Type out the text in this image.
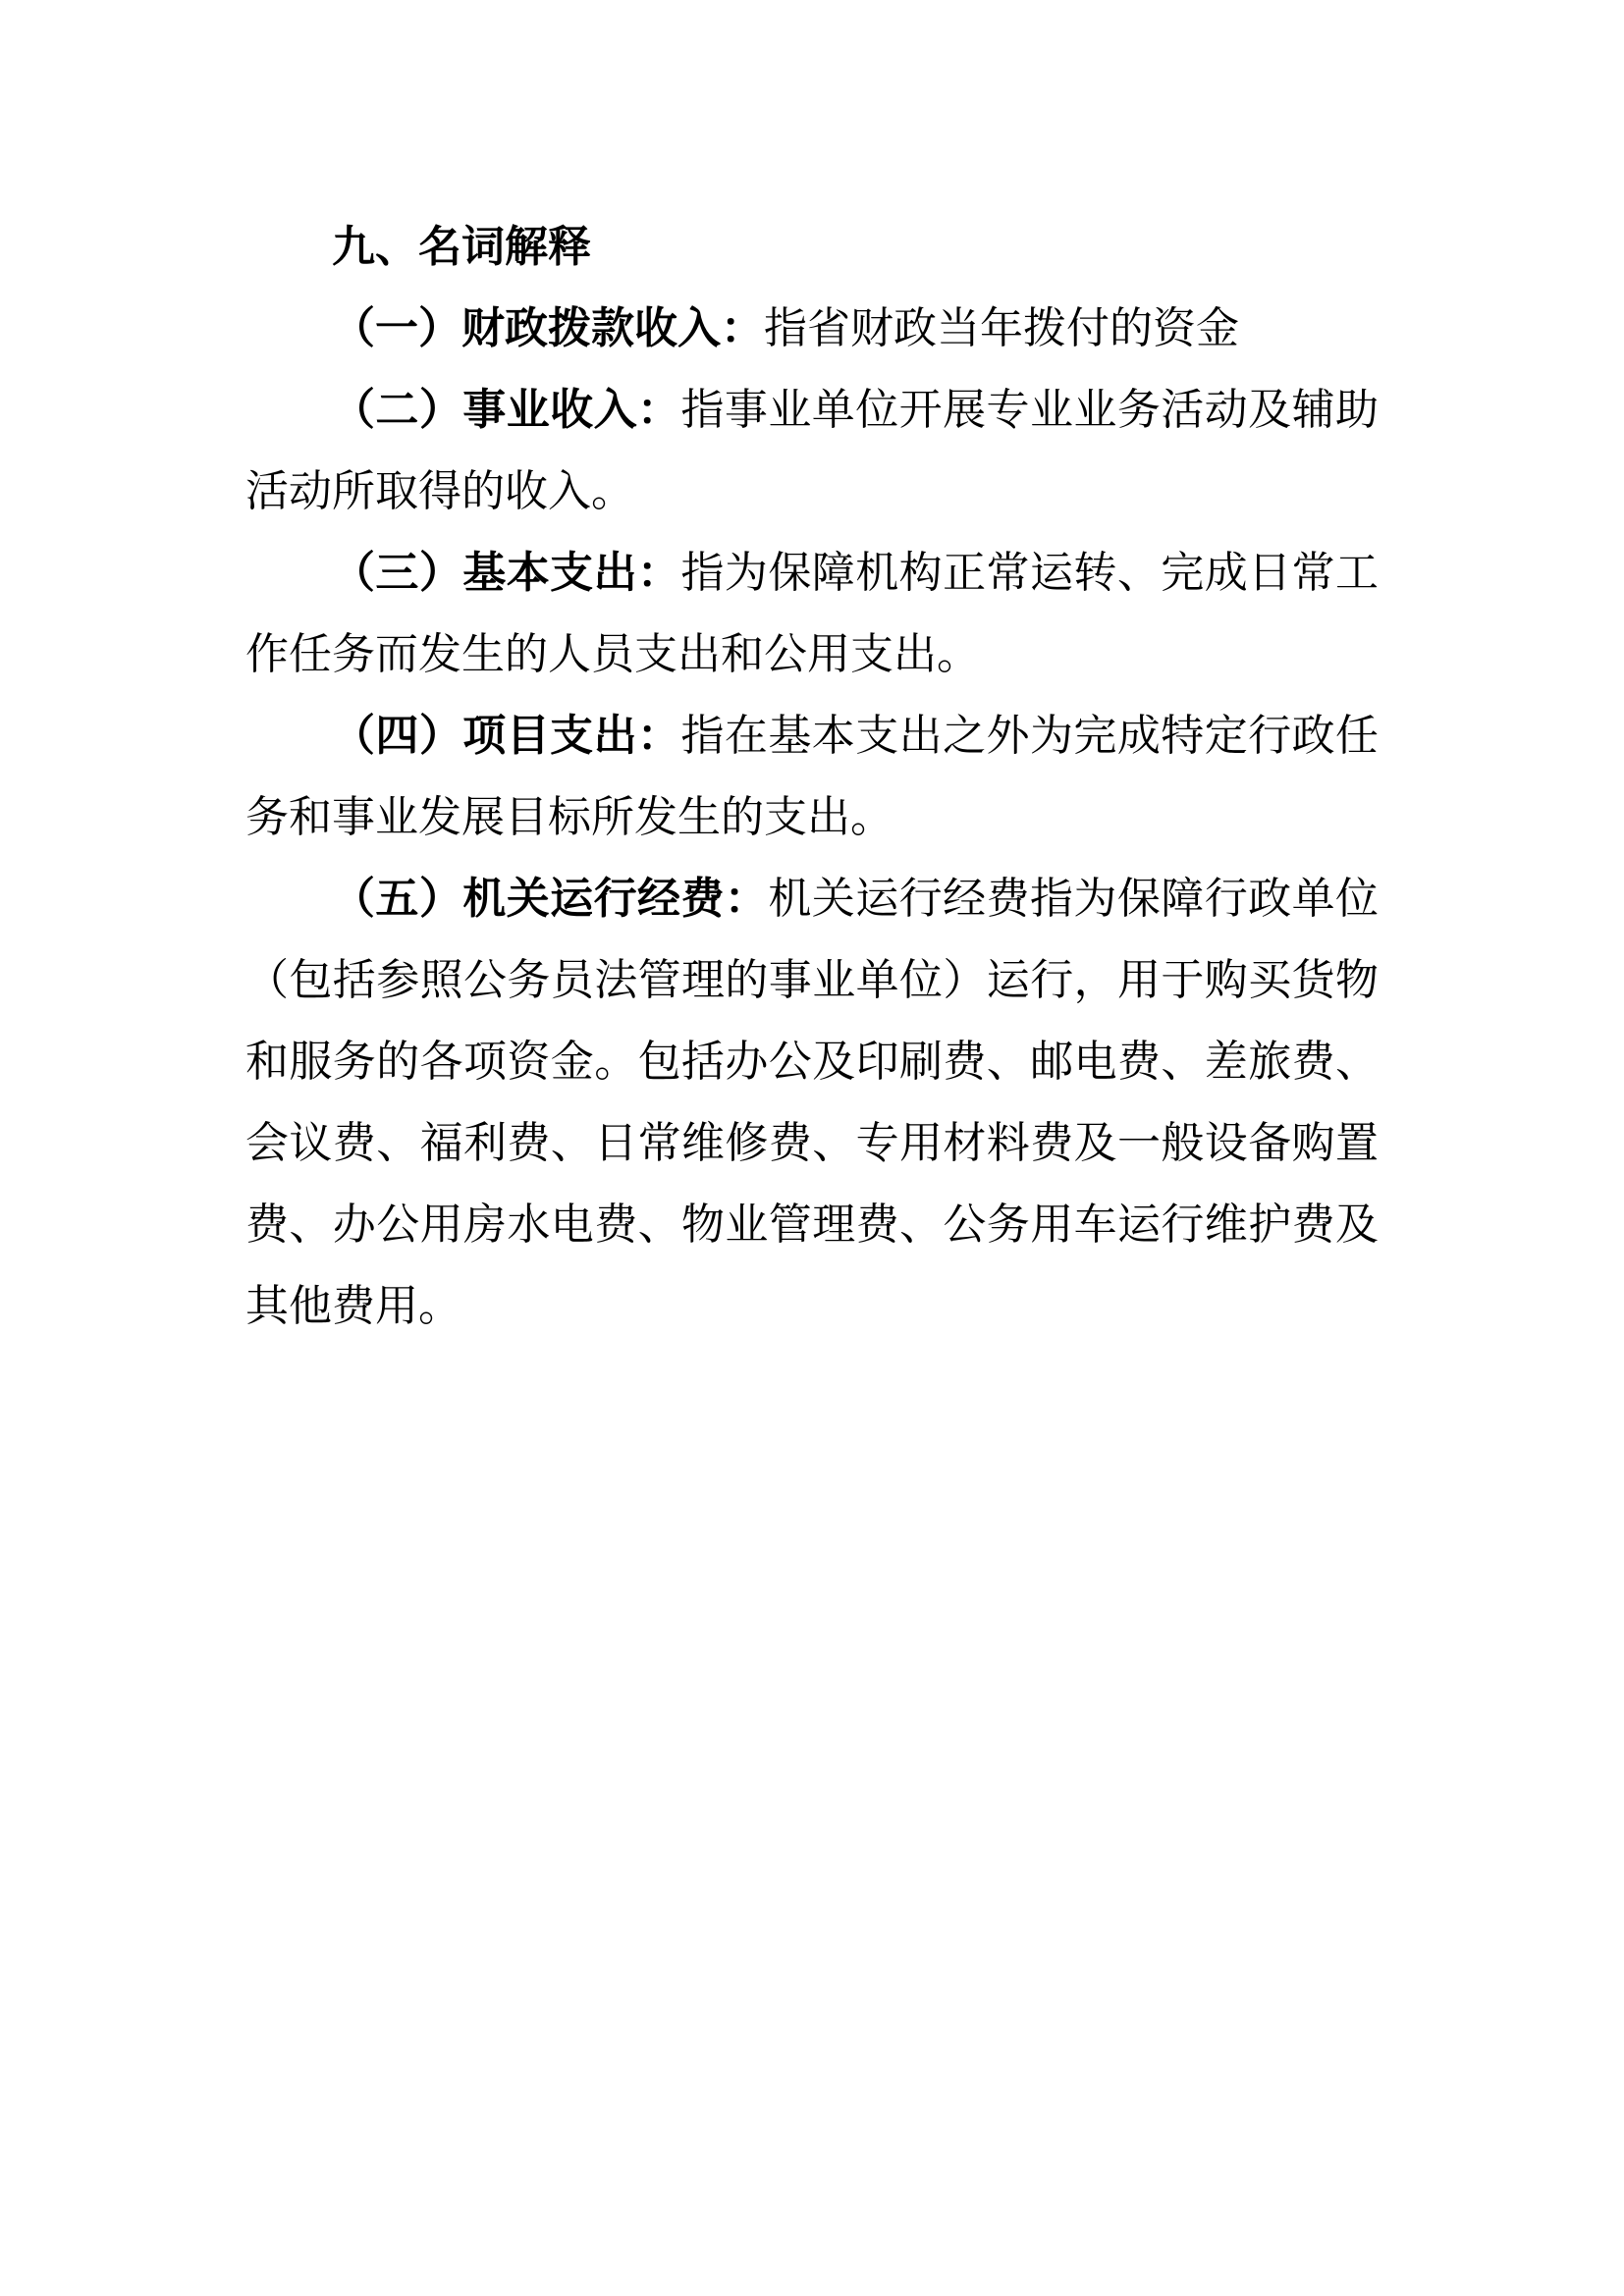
九、名词解释

（一）财政拨款收入：指省财政当年拨付的资金

（二）事业收入：指事业单位开展专业业务活动及辅助活动所取得的收入。

（三）基本支出：指为保障机构正常运转、完成日常工作任务而发生的人员支出和公用支出。

（四）项目支出：指在基本支出之外为完成特定行政任务和事业发展目标所发生的支出。

（五）机关运行经费：机关运行经费指为保障行政单位（包括参照公务员法管理的事业单位）运行，用于购买货物和服务的各项资金。包括办公及印刷费、邮电费、差旅费、会议费、福利费、日常维修费、专用材料费及一般设备购置费、办公用房水电费、物业管理费、公务用车运行维护费及其他费用。
